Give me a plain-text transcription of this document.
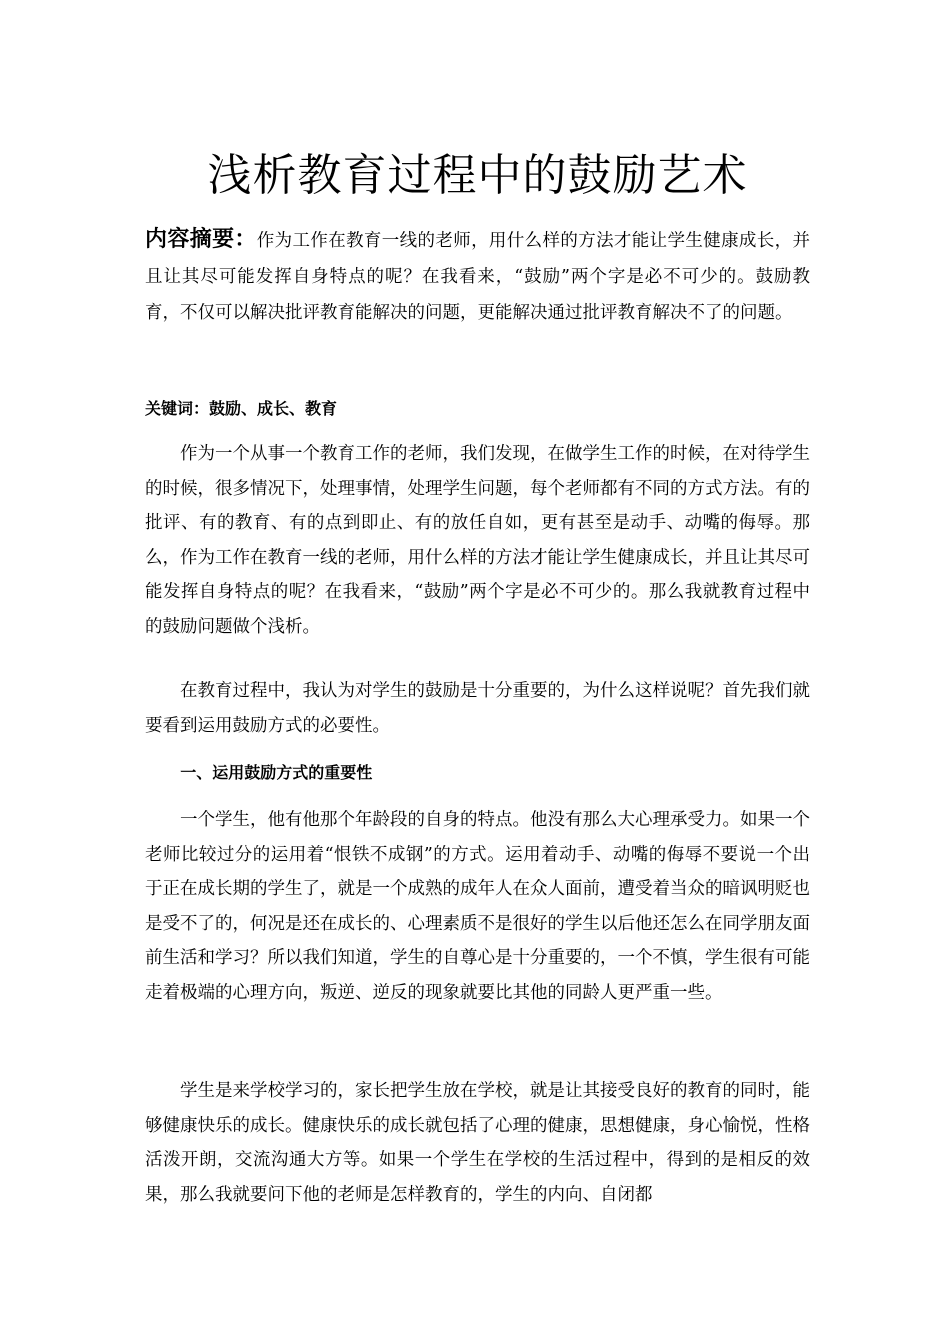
浅析教育过程中的鼓励艺术

内容摘要：作为工作在教育一线的老师，用什么样的方法才能让学生健康成长，并且让其尽可能发挥自身特点的呢？在我看来，“鼓励”两个字是必不可少的。鼓励教育，不仅可以解决批评教育能解决的问题，更能解决通过批评教育解决不了的问题。

关键词：鼓励、成长、教育

作为一个从事一个教育工作的老师，我们发现，在做学生工作的时候，在对待学生的时候，很多情况下，处理事情，处理学生问题，每个老师都有不同的方式方法。有的批评、有的教育、有的点到即止、有的放任自如，更有甚至是动手、动嘴的侮辱。那么，作为工作在教育一线的老师，用什么样的方法才能让学生健康成长，并且让其尽可能发挥自身特点的呢？在我看来，“鼓励”两个字是必不可少的。那么我就教育过程中的鼓励问题做个浅析。

在教育过程中，我认为对学生的鼓励是十分重要的，为什么这样说呢？首先我们就要看到运用鼓励方式的必要性。

一、运用鼓励方式的重要性

一个学生，他有他那个年龄段的自身的特点。他没有那么大心理承受力。如果一个老师比较过分的运用着“恨铁不成钢”的方式。运用着动手、动嘴的侮辱不要说一个出于正在成长期的学生了，就是一个成熟的成年人在众人面前，遭受着当众的暗讽明贬也是受不了的，何况是还在成长的、心理素质不是很好的学生以后他还怎么在同学朋友面前生活和学习？所以我们知道，学生的自尊心是十分重要的，一个不慎，学生很有可能走着极端的心理方向，叛逆、逆反的现象就要比其他的同龄人更严重一些。

学生是来学校学习的，家长把学生放在学校，就是让其接受良好的教育的同时，能够健康快乐的成长。健康快乐的成长就包括了心理的健康，思想健康，身心愉悦，性格活泼开朗，交流沟通大方等。如果一个学生在学校的生活过程中，得到的是相反的效果，那么我就要问下他的老师是怎样教育的，学生的内向、自闭都
